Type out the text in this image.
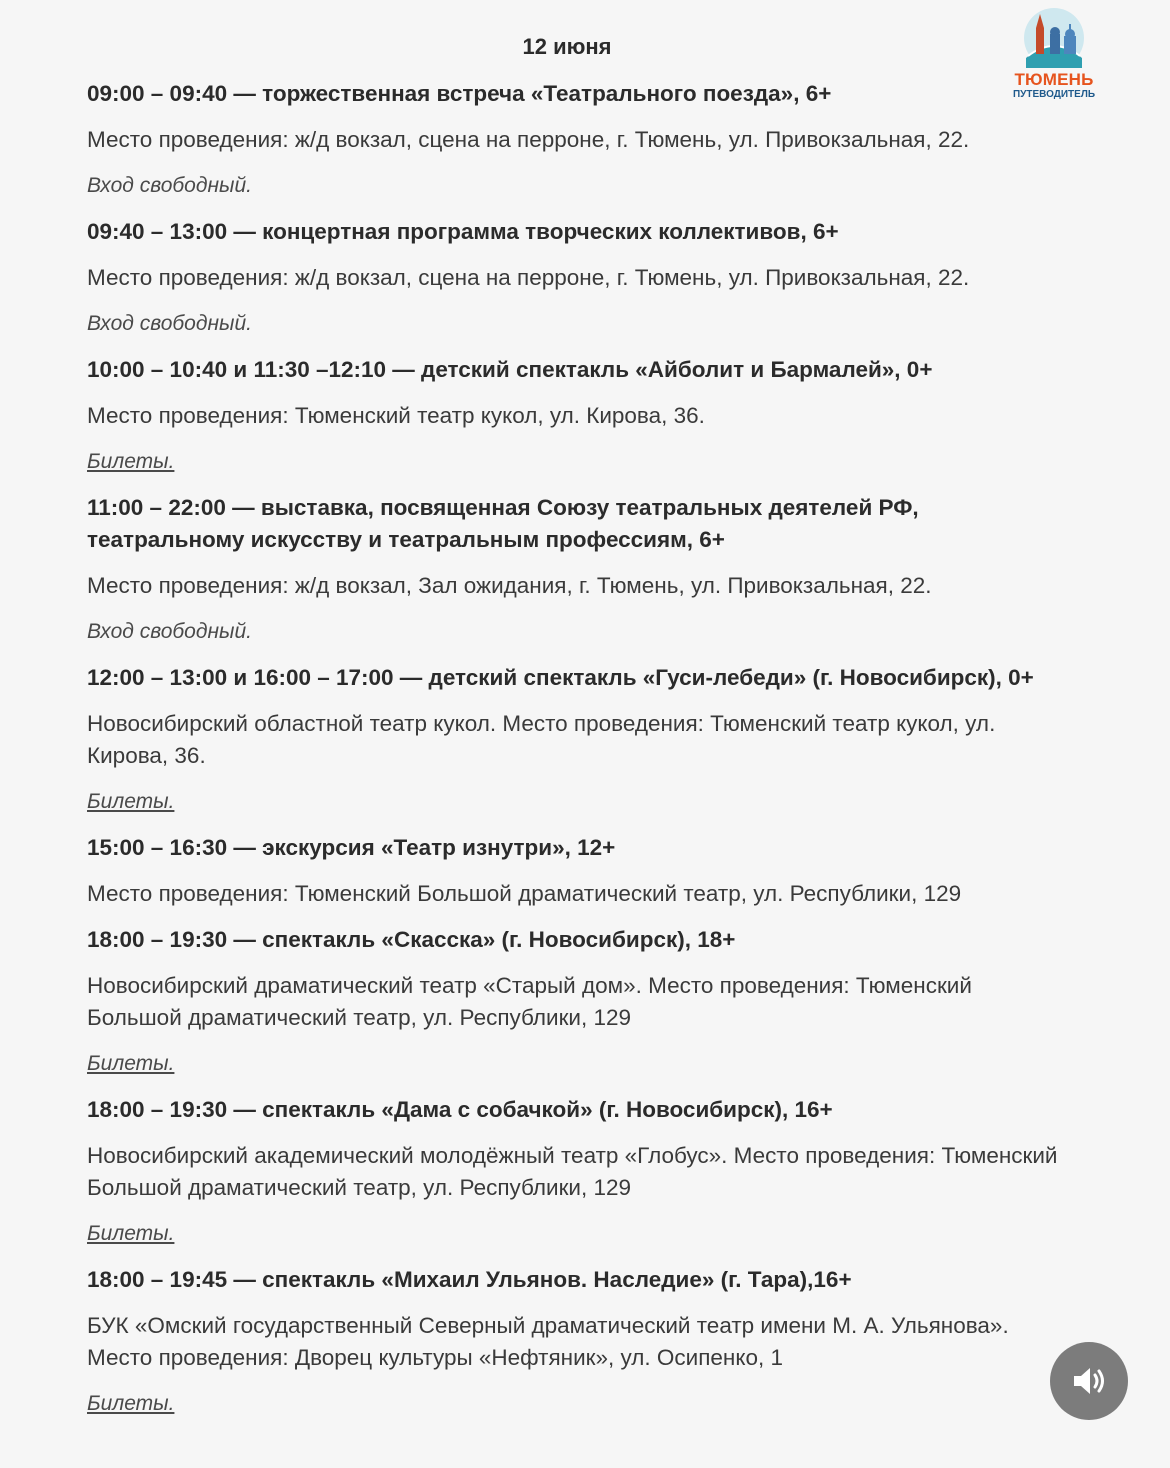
12 июня
ТЮМЕНЬ
ПУТЕВОДИТЕЛЬ

09:00 – 09:40 — торжественная встреча «Театрального поезда», 6+

Место проведения: ж/д вокзал, сцена на перроне, г. Тюмень, ул. Привокзальная, 22.

Вход свободный.

09:40 – 13:00 — концертная программа творческих коллективов, 6+

Место проведения: ж/д вокзал, сцена на перроне, г. Тюмень, ул. Привокзальная, 22.

Вход свободный.

10:00 – 10:40 и 11:30 –12:10 — детский спектакль «Айболит и Бармалей», 0+

Место проведения: Тюменский театр кукол, ул. Кирова, 36.

Билеты.

11:00 – 22:00 — выставка, посвященная Союзу театральных деятелей РФ, театральному искусству и театральным профессиям, 6+

Место проведения: ж/д вокзал, Зал ожидания, г. Тюмень, ул. Привокзальная, 22.

Вход свободный.

12:00 – 13:00 и 16:00 – 17:00 — детский спектакль «Гуси-лебеди» (г. Новосибирск), 0+

Новосибирский областной театр кукол. Место проведения: Тюменский театр кукол, ул. Кирова, 36.

Билеты.

15:00 – 16:30 — экскурсия «Театр изнутри», 12+

Место проведения: Тюменский Большой драматический театр, ул. Республики, 129

18:00 – 19:30 — спектакль «Скасска» (г. Новосибирск), 18+

Новосибирский драматический театр «Старый дом». Место проведения: Тюменский Большой драматический театр, ул. Республики, 129

Билеты.

18:00 – 19:30 — спектакль «Дама с собачкой» (г. Новосибирск), 16+

Новосибирский академический молодёжный театр «Глобус». Место проведения: Тюменский Большой драматический театр, ул. Республики, 129

Билеты.

18:00 – 19:45 — спектакль «Михаил Ульянов. Наследие» (г. Тара),16+

БУК «Омский государственный Северный драматический театр имени М. А. Ульянова». Место проведения: Дворец культуры «Нефтяник», ул. Осипенко, 1

Билеты.
